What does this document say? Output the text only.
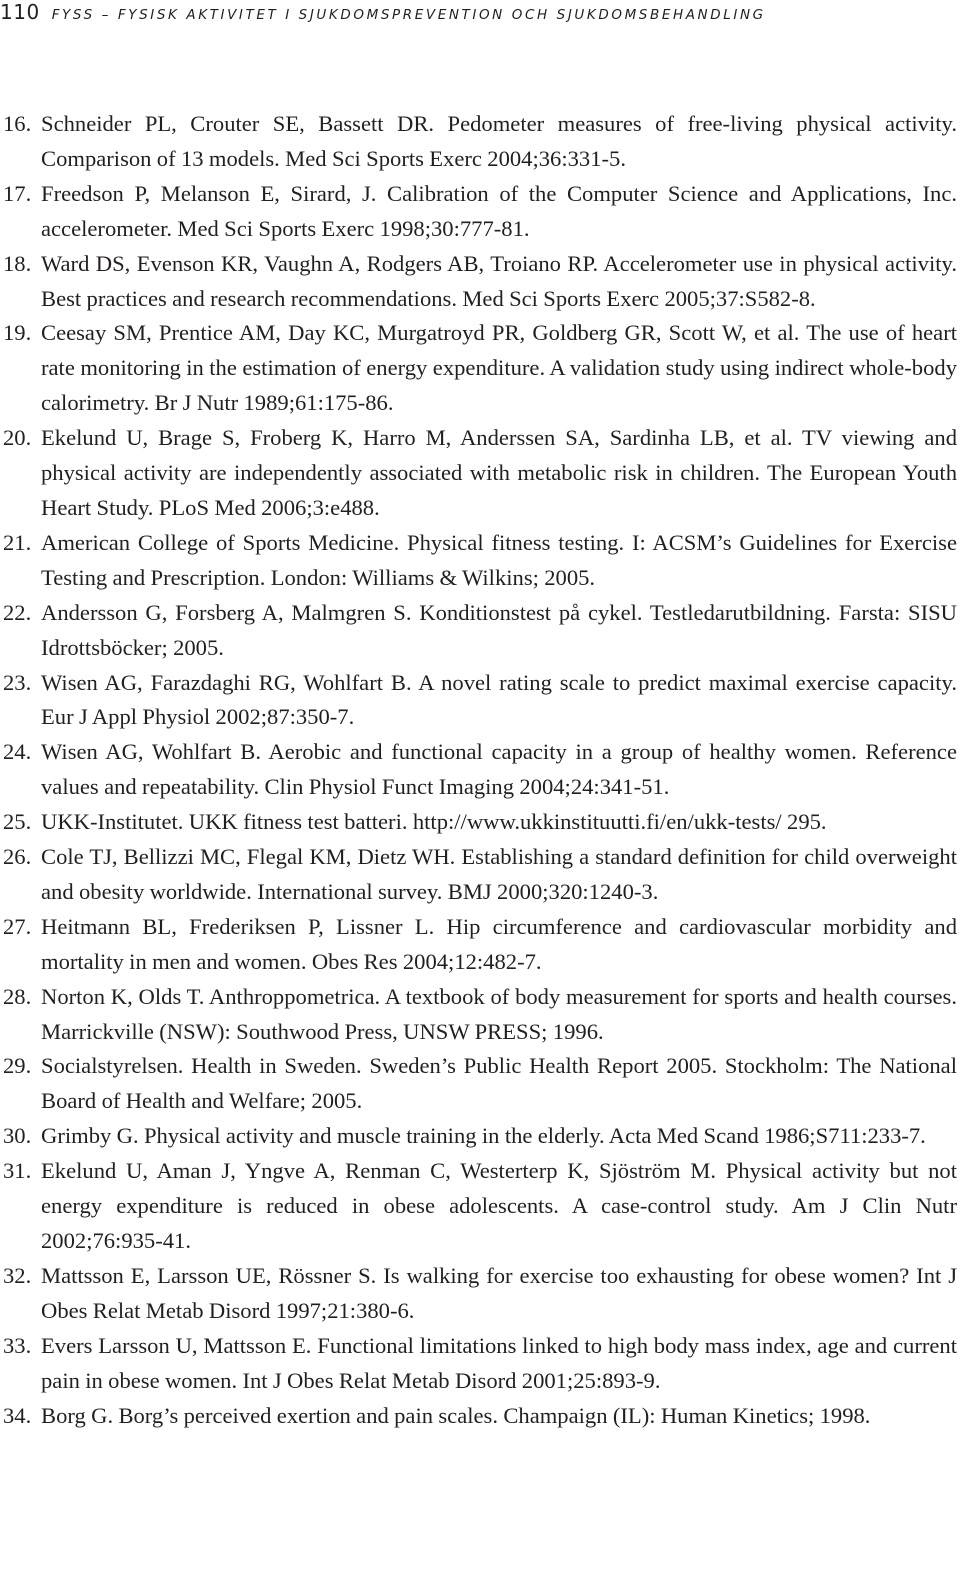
110 FYSS – FYSISK AKTIVITET I SJUKDOMSPREVENTION OCH SJUKDOMSBEHANDLING
16. Schneider PL, Crouter SE, Bassett DR. Pedometer measures of free-living physical activity. Comparison of 13 models. Med Sci Sports Exerc 2004;36:331-5.
17. Freedson P, Melanson E, Sirard, J. Calibration of the Computer Science and Applications, Inc. accelerometer. Med Sci Sports Exerc 1998;30:777-81.
18. Ward DS, Evenson KR, Vaughn A, Rodgers AB, Troiano RP. Accelerometer use in physical activity. Best practices and research recommendations. Med Sci Sports Exerc 2005;37:S582-8.
19. Ceesay SM, Prentice AM, Day KC, Murgatroyd PR, Goldberg GR, Scott W, et al. The use of heart rate monitoring in the estimation of energy expenditure. A validation study using indirect whole-body calorimetry. Br J Nutr 1989;61:175-86.
20. Ekelund U, Brage S, Froberg K, Harro M, Anderssen SA, Sardinha LB, et al. TV viewing and physical activity are independently associated with metabolic risk in children. The European Youth Heart Study. PLoS Med 2006;3:e488.
21. American College of Sports Medicine. Physical fitness testing. I: ACSM’s Guidelines for Exercise Testing and Prescription. London: Williams & Wilkins; 2005.
22. Andersson G, Forsberg A, Malmgren S. Konditionstest på cykel. Testledarutbildning. Farsta: SISU Idrottsböcker; 2005.
23. Wisen AG, Farazdaghi RG, Wohlfart B. A novel rating scale to predict maximal exercise capacity. Eur J Appl Physiol 2002;87:350-7.
24. Wisen AG, Wohlfart B. Aerobic and functional capacity in a group of healthy women. Reference values and repeatability. Clin Physiol Funct Imaging 2004;24:341-51.
25. UKK-Institutet. UKK fitness test batteri. http://www.ukkinstituutti.fi/en/ukk-tests/ 295.
26. Cole TJ, Bellizzi MC, Flegal KM, Dietz WH. Establishing a standard definition for child overweight and obesity worldwide. International survey. BMJ 2000;320:1240-3.
27. Heitmann BL, Frederiksen P, Lissner L. Hip circumference and cardiovascular morbidity and mortality in men and women. Obes Res 2004;12:482-7.
28. Norton K, Olds T. Anthroppometrica. A textbook of body measurement for sports and health courses. Marrickville (NSW): Southwood Press, UNSW PRESS; 1996.
29. Socialstyrelsen. Health in Sweden. Sweden’s Public Health Report 2005. Stockholm: The National Board of Health and Welfare; 2005.
30. Grimby G. Physical activity and muscle training in the elderly. Acta Med Scand 1986;S711:233-7.
31. Ekelund U, Aman J, Yngve A, Renman C, Westerterp K, Sjöström M. Physical activity but not energy expenditure is reduced in obese adolescents. A case-control study. Am J Clin Nutr 2002;76:935-41.
32. Mattsson E, Larsson UE, Rössner S. Is walking for exercise too exhausting for obese women? Int J Obes Relat Metab Disord 1997;21:380-6.
33. Evers Larsson U, Mattsson E. Functional limitations linked to high body mass index, age and current pain in obese women. Int J Obes Relat Metab Disord 2001;25:893-9.
34. Borg G. Borg’s perceived exertion and pain scales. Champaign (IL): Human Kinetics; 1998.
